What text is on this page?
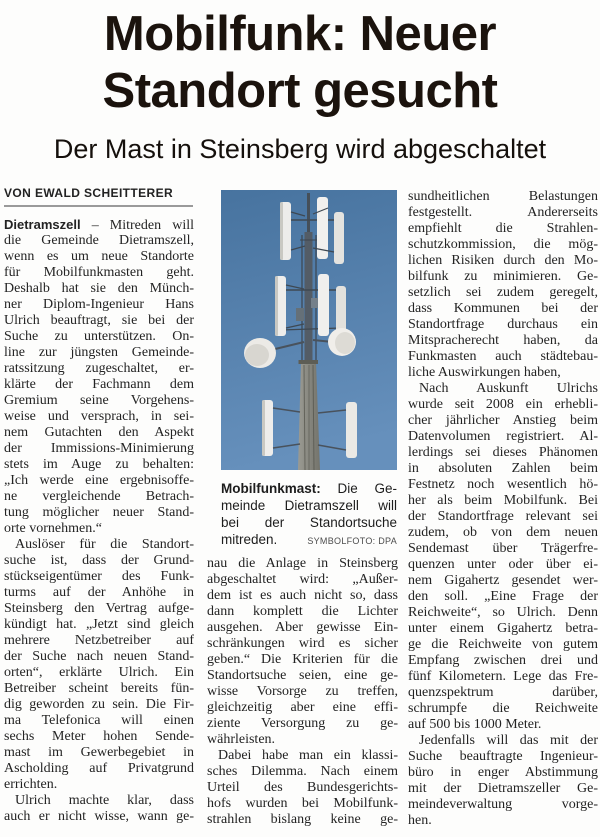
Mobilfunk: Neuer
Standort gesucht
Der Mast in Steinsberg wird abgeschaltet
VON EWALD SCHEITTERER
Dietramszell – Mitreden will
die Gemeinde Dietramszell,
wenn es um neue Standorte
für Mobilfunkmasten geht.
Deshalb hat sie den Münch-
ner Diplom-Ingenieur Hans
Ulrich beauftragt, sie bei der
Suche zu unterstützen. On-
line zur jüngsten Gemeinde-
ratssitzung zugeschaltet, er-
klärte der Fachmann dem
Gremium seine Vorgehens-
weise und versprach, in sei-
nem Gutachten den Aspekt
der Immissions-Minimierung
stets im Auge zu behalten:
„Ich werde eine ergebnisoffe-
ne vergleichende Betrach-
tung möglicher neuer Stand-
orte vornehmen.“
Auslöser für die Standort-
suche ist, dass der Grund-
stückseigentümer des Funk-
turms auf der Anhöhe in
Steinsberg den Vertrag aufge-
kündigt hat. „Jetzt sind gleich
mehrere Netzbetreiber auf
der Suche nach neuen Stand-
orten“, erklärte Ulrich. Ein
Betreiber scheint bereits fün-
dig geworden zu sein. Die Fir-
ma Telefonica will einen
sechs Meter hohen Sende-
mast im Gewerbegebiet in
Ascholding auf Privatgrund
errichten.
Ulrich machte klar, dass
auch er nicht wisse, wann ge-
Mobilfunkmast: Die Ge-
meinde Dietramszell will
bei der Standortsuche
mitreden.	SYMBOLFOTO: DPA
nau die Anlage in Steinsberg
abgeschaltet wird: „Außer-
dem ist es auch nicht so, dass
dann komplett die Lichter
ausgehen. Aber gewisse Ein-
schränkungen wird es sicher
geben.“ Die Kriterien für die
Standortsuche seien, eine ge-
wisse Vorsorge zu treffen,
gleichzeitig aber eine effi-
ziente Versorgung zu ge-
währleisten.
Dabei habe man ein klassi-
sches Dilemma. Nach einem
Urteil des Bundesgerichts-
hofs wurden bei Mobilfunk-
strahlen bislang keine ge-
sundheitlichen Belastungen
festgestellt. Andererseits
empfiehlt die Strahlen-
schutzkommission, die mög-
lichen Risiken durch den Mo-
bilfunk zu minimieren. Ge-
setzlich sei zudem geregelt,
dass Kommunen bei der
Standortfrage durchaus ein
Mitspracherecht haben, da
Funkmasten auch städtebau-
liche Auswirkungen haben,
Nach Auskunft Ulrichs
wurde seit 2008 ein erhebli-
cher jährlicher Anstieg beim
Datenvolumen registriert. Al-
lerdings sei dieses Phänomen
in absoluten Zahlen beim
Festnetz noch wesentlich hö-
her als beim Mobilfunk. Bei
der Standortfrage relevant sei
zudem, ob von dem neuen
Sendemast über Trägerfre-
quenzen unter oder über ei-
nem Gigahertz gesendet wer-
den soll. „Eine Frage der
Reichweite“, so Ulrich. Denn
unter einem Gigahertz betra-
ge die Reichweite von gutem
Empfang zwischen drei und
fünf Kilometern. Lege das Fre-
quenzspektrum darüber,
schrumpfe die Reichweite
auf 500 bis 1000 Meter.
Jedenfalls will das mit der
Suche beauftragte Ingenieur-
büro in enger Abstimmung
mit der Dietramszeller Ge-
meindeverwaltung vorge-
hen.
